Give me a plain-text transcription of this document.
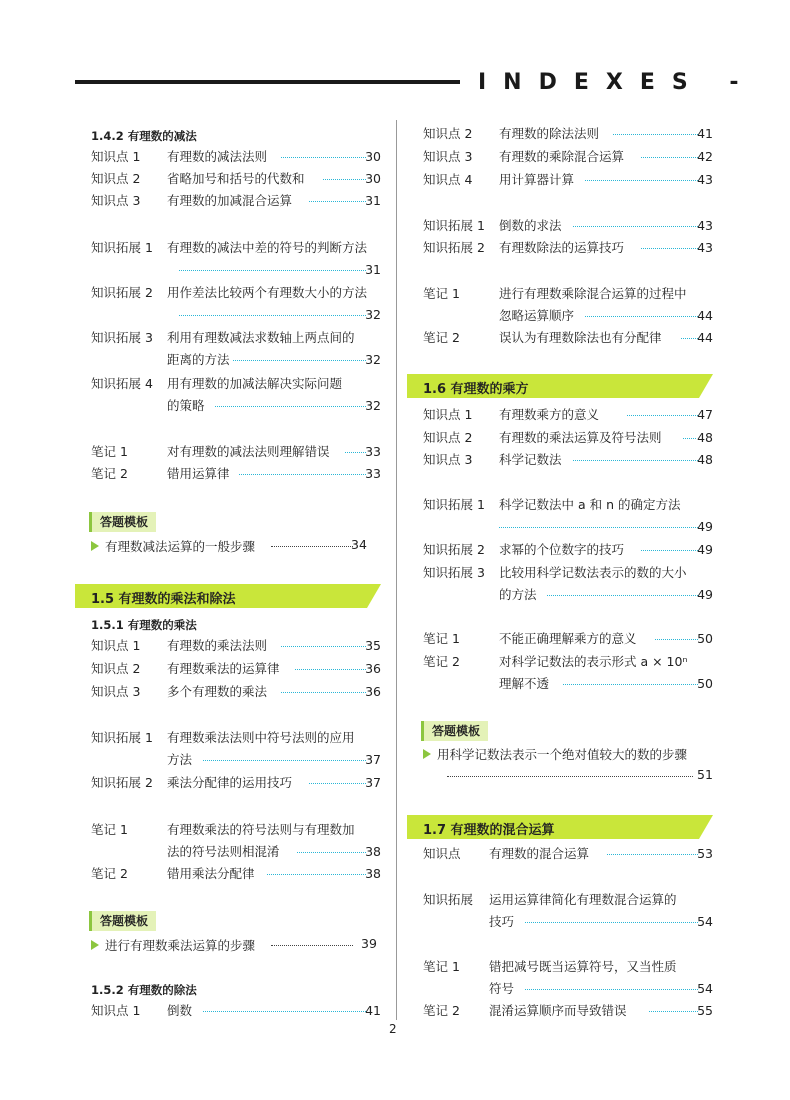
INDEXES -
1.4.2 有理数的减法
知识点 1 有理数的减法法则	30
知识点 2 省略加号和括号的代数和	30
知识点 3 有理数的加减混合运算	31
知识拓展 1 有理数的减法中差的符号的判断方法
31
知识拓展 2 用作差法比较两个有理数大小的方法
32
知识拓展 3 利用有理数减法求数轴上两点间的
距离的方法	32
知识拓展 4 用有理数的加减法解决实际问题
的策略	32
笔记 1	对有理数的减法法则理解错误	33
笔记 2	错用运算律	33
答题模板
有理数减法运算的一般步骤	34
1.5 有理数的乘法和除法
1.5.1 有理数的乘法
知识点 1 有理数的乘法法则	35
知识点 2 有理数乘法的运算律	36
知识点 3 多个有理数的乘法	36
知识拓展 1 有理数乘法法则中符号法则的应用
方法	37
知识拓展 2 乘法分配律的运用技巧	37
笔记 1	有理数乘法的符号法则与有理数加
法的符号法则相混淆	38
笔记 2	错用乘法分配律	38
答题模板
进行有理数乘法运算的步骤	39
1.5.2 有理数的除法
知识点 1 倒数	41
知识点 2 有理数的除法法则	41
知识点 3 有理数的乘除混合运算	42
知识点 4 用计算器计算	43
知识拓展 1 倒数的求法	43
知识拓展 2 有理数除法的运算技巧	43
笔记 1	进行有理数乘除混合运算的过程中
忽略运算顺序	44
笔记 2	误认为有理数除法也有分配律	44
1.6 有理数的乘方
知识点 1 有理数乘方的意义	47
知识点 2 有理数的乘法运算及符号法则	48
知识点 3 科学记数法	48
知识拓展 1 科学记数法中 a 和 n 的确定方法
49
知识拓展 2 求幂的个位数字的技巧	49
知识拓展 3 比较用科学记数法表示的数的大小
的方法	49
笔记 1	不能正确理解乘方的意义	50
笔记 2	对科学记数法的表示形式 a × 10ⁿ
理解不透	50
答题模板
用科学记数法表示一个绝对值较大的数的步骤
51
1.7 有理数的混合运算
知识点 有理数的混合运算	53
知识拓展 运用运算律简化有理数混合运算的
技巧	54
笔记 1 错把减号既当运算符号，又当性质
符号	54
笔记 2 混淆运算顺序而导致错误	55
2
